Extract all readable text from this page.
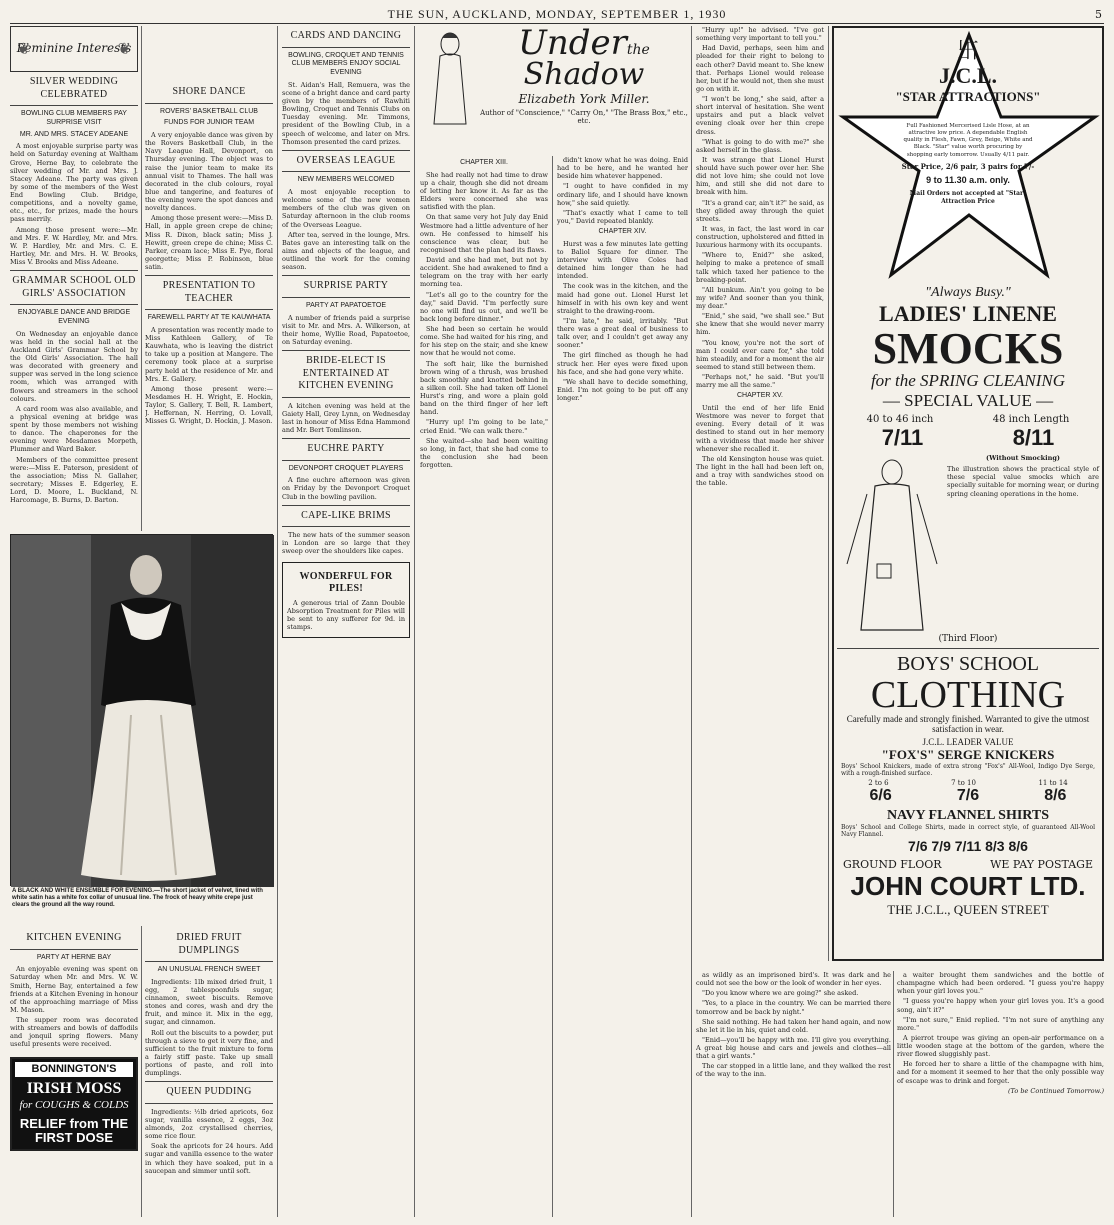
THE SUN, AUCKLAND, MONDAY, SEPTEMBER 1, 1930	5
❦ Feminine Interests
❦
SILVER WEDDING CELEBRATED
BOWLING CLUB MEMBERS PAY SURPRISE VISIT
MR. AND MRS. STACEY ADEANE

A most enjoyable surprise party was held on Saturday evening at Waltham Grove, Herne Bay, to celebrate the silver wedding of Mr. and Mrs. J. Stacey Adeane. The party was given by some of the members of the West End Bowling Club. Bridge, competitions, and a novelty game, etc., etc., for prizes, made the hours pass merrily.

Among those present were:—Mr. and Mrs. F. W. Hardley, Mr. and Mrs. W. P. Hardley, Mr. and Mrs. C. E. Hartley, Mr. and Mrs. H. W. Brooks, Miss V. Brooks and Miss Adeane.

GRAMMAR SCHOOL OLD GIRLS' ASSOCIATION
ENJOYABLE DANCE AND BRIDGE EVENING

On Wednesday an enjoyable dance was held in the social hall at the Auckland Girls' Grammar School by the Old Girls' Association. The hall was decorated with greenery and supper was served in the long science room, which was arranged with flowers and streamers in the school colours.

A card room was also available, and a physical evening at bridge was spent by those members not wishing to dance. The chaperones for the evening were Mesdames Morpeth, Plummer and Ward Baker.

Members of the committee present were:—Miss E. Paterson, president of the association; Miss N. Gallaher, secretary; Misses E. Edgerley, E. Lord, D. Moore, L. Buckland, N. Harcomage, B. Burns, D. Barton.

SHORE DANCE
ROVERS' BASKETBALL CLUB
FUNDS FOR JUNIOR TEAM

A very enjoyable dance was given by the Rovers Basketball Club, in the Navy League Hall, Devonport, on Thursday evening. The object was to raise the junior team to make its annual visit to Thames. The hall was decorated in the club colours, royal blue and tangerine, and features of the evening were the spot dances and novelty dances.

Among those present were:—Miss D. Hall, in apple green crepe de chine; Miss R. Dixon, black satin; Miss J. Hewitt, green crepe de chine; Miss C. Parker, cream lace; Miss E. Pye, floral georgette; Miss P. Robinson, blue satin.

PRESENTATION TO TEACHER
FAREWELL PARTY AT TE KAUWHATA

A presentation was recently made to Miss Kathleen Gallery, of Te Kauwhata, who is leaving the district to take up a position at Mangere. The ceremony took place at a surprise party held at the residence of Mr. and Mrs. E. Gallery.

Among those present were:—Mesdames H. H. Wright, E. Hockin, Taylor, S. Gallery, T. Bell, R. Lambert, J. Heffernan, N. Herring, O. Lovall, Misses G. Wright, D. Hockin, J. Mason.

A BLACK AND WHITE ENSEMBLE FOR EVENING.—The short jacket of velvet, lined with white satin has a white fox collar of unusual line. The frock of heavy white crepe just clears the ground all the way round.
KITCHEN EVENING
PARTY AT HERNE BAY

An enjoyable evening was spent on Saturday when Mr. and Mrs. W. W. Smith, Herne Bay, entertained a few friends at a Kitchen Evening in honour of the approaching marriage of Miss M. Mason.

The supper room was decorated with streamers and bowls of daffodils and jonquil spring flowers. Many useful presents were received.

BONNINGTON'S
IRISH MOSS
for COUGHS & COLDS
RELIEF from THE FIRST DOSE
DRIED FRUIT DUMPLINGS
AN UNUSUAL FRENCH SWEET

Ingredients: 1lb mixed dried fruit, 1 egg, 2 tablespoonfuls sugar, cinnamon, sweet biscuits. Remove stones and cores, wash and dry the fruit, and mince it. Mix in the egg, sugar, and cinnamon.

Roll out the biscuits to a powder, put through a sieve to get it very fine, and sufficient to the fruit mixture to form a fairly stiff paste. Take up small portions of paste, and roll into dumplings.

QUEEN PUDDING

Ingredients: ½lb dried apricots, 6oz sugar, vanilla essence, 2 eggs, 3oz almonds, 2oz crystallised cherries, some rice flour.

Soak the apricots for 24 hours. Add sugar and vanilla essence to the water in which they have soaked, put in a saucepan and simmer until soft.

CARDS AND DANCING
BOWLING, CROQUET AND TENNIS CLUB MEMBERS ENJOY SOCIAL EVENING

St. Aidan's Hall, Remuera, was the scene of a bright dance and card party given by the members of Rawhiti Bowling, Croquet and Tennis Clubs on Tuesday evening. Mr. Timmons, president of the Bowling Club, in a speech of welcome, and later on Mrs. Thomson presented the card prizes.

OVERSEAS LEAGUE
NEW MEMBERS WELCOMED

A most enjoyable reception to welcome some of the new women members of the club was given on Saturday afternoon in the club rooms of the Overseas League.

After tea, served in the lounge, Mrs. Bates gave an interesting talk on the aims and objects of the league, and outlined the work for the coming season.

SURPRISE PARTY
PARTY AT PAPATOETOE

A number of friends paid a surprise visit to Mr. and Mrs. A. Wilkerson, at their home, Wyllie Road, Papatoetoe, on Saturday evening.

BRIDE-ELECT IS ENTERTAINED AT KITCHEN EVENING

A kitchen evening was held at the Gaiety Hall, Grey Lynn, on Wednesday last in honour of Miss Edna Hammond and Mr. Bert Tomlinson.

EUCHRE PARTY
DEVONPORT CROQUET PLAYERS

A fine euchre afternoon was given on Friday by the Devonport Croquet Club in the bowling pavilion.

CAPE-LIKE BRIMS

The new hats of the summer season in London are so large that they sweep over the shoulders like capes.

WONDERFUL FOR PILES!

A generous trial of Zann Double Absorption Treatment for Piles will be sent to any sufferer for 9d. in stamps.

Underthe
Shadow
Elizabeth York Miller.
Author of "Conscience," "Carry On," "The Brass Box," etc., etc.
CHAPTER XIII.

She had really not had time to draw up a chair, though she did not dream of letting her know it. As far as the Elders were concerned she was satisfied with the plan.

On that same very hot July day Enid Westmore had a little adventure of her own. He confessed to himself his conscience was clear, but he recognised that the plan had its flaws.

David and she had met, but not by accident. She had awakened to find a telegram on the tray with her early morning tea.

"Let's all go to the country for the day," said David. "I'm perfectly sure no one will find us out, and we'll be back long before dinner."

She had been so certain he would come. She had waited for his ring, and for his step on the stair, and she knew now that he would not come.

The soft hair, like the burnished brown wing of a thrush, was brushed back smoothly and knotted behind in a silken coil. She had taken off Lionel Hurst's ring, and wore a plain gold band on the third finger of her left hand.

"Hurry up! I'm going to be late," cried Enid. "We can walk there."

She waited—she had been waiting so long, in fact, that she had come to the conclusion she had been forgotten.

didn't know what he was doing. Enid had to be here, and he wanted her beside him whatever happened.

"I ought to have confided in my ordinary life, and I should have known how," she said quietly.

"That's exactly what I came to tell you," David repeated blankly.

CHAPTER XIV.

Hurst was a few minutes late getting to Baliol Square for dinner. The interview with Olive Coles had detained him longer than he had intended.

The cook was in the kitchen, and the maid had gone out. Lionel Hurst let himself in with his own key and went straight to the drawing-room.

"I'm late," he said, irritably. "But there was a great deal of business to talk over, and I couldn't get away any sooner."

The girl flinched as though he had struck her. Her eyes were fixed upon his face, and she had gone very white.

"We shall have to decide something, Enid. I'm not going to be put off any longer."

"Hurry up!" he advised. "I've got something very important to tell you."

Had David, perhaps, seen him and pleaded for their right to belong to each other? David meant to. She knew that. Perhaps Lionel would release her, but if he would not, then she must go on with it.

"I won't be long," she said, after a short interval of hesitation. She went upstairs and put a black velvet evening cloak over her thin crepe dress.

"What is going to do with me?" she asked herself in the glass.

It was strange that Lionel Hurst should have such power over her. She did not love him; she could not love him, and still she did not dare to break with him.

"It's a grand car, ain't it?" he said, as they glided away through the quiet streets.

It was, in fact, the last word in car construction, upholstered and fitted in luxurious harmony with its occupants.

"Where to, Enid?" she asked, helping to make a pretence of small talk which taxed her patience to the breaking-point.

"All bunkum. Ain't you going to be my wife? And sooner than you think, my dear."

"Enid," she said, "we shall see." But she knew that she would never marry him.

"You know, you're not the sort of man I could ever care for," she told him steadily, and for a moment the air seemed to stand still between them.

"Perhaps not," he said. "But you'll marry me all the same."

CHAPTER XV.

Until the end of her life Enid Westmore was never to forget that evening. Every detail of it was destined to stand out in her memory with a vividness that made her shiver whenever she recalled it.

The old Kensington house was quiet. The light in the hall had been left on, and a tray with sandwiches stood on the table.

as wildly as an imprisoned bird's. It was dark and he could not see the bow or the look of wonder in her eyes.

"Do you know where we are going?" she asked.

"Yes, to a place in the country. We can be married there tomorrow and be back by night."

She said nothing. He had taken her hand again, and now she let it lie in his, quiet and cold.

"Enid—you'll be happy with me. I'll give you everything. A great big house and cars and jewels and clothes—all that a girl wants."

The car stopped in a little lane, and they walked the rest of the way to the inn.

a waiter brought them sandwiches and the bottle of champagne which had been ordered. "I guess you're happy when your girl loves you."

"I guess you're happy when your girl loves you. It's a good song, ain't it?"

"I'm not sure," Enid replied. "I'm not sure of anything any more."

A pierrot troupe was giving an open-air performance on a little wooden stage at the bottom of the garden, where the river flowed sluggishly past.

He forced her to share a little of the champagne with him, and for a moment it seemed to her that the only possible way of escape was to drink and forget.

(To be Continued Tomorrow.)

卐
J.C.L.
"STAR ATTRACTIONS"
Full Fashioned Mercerised Lisle Hose, at an attractive low price. A dependable English quality in Flesh, Fawn, Grey, Beige, White and Black. "Star" value worth procuring by shopping early tomorrow. Usually 4/11 pair.
Star Price, 2/6 pair, 3 pairs for 7/-
9 to 11.30 a.m. only.
Mail Orders not accepted at "Star" Attraction Price
"Always Busy."
LADIES' LINENE
SMOCKS
for the SPRING CLEANING
— SPECIAL VALUE —
40 to 46 inch	48 inch Length
7/11	8/11
(Without Smocking)

The illustration shows the practical style of these special value smocks which are specially suitable for morning wear, or during spring cleaning operations in the home.

(Third Floor)
BOYS' SCHOOL
CLOTHING
Carefully made and strongly finished. Warranted to give the utmost satisfaction in wear.
J.C.L. LEADER VALUE
"FOX'S" SERGE KNICKERS

Boys' School Knickers, made of extra strong "Fox's" All-Wool, Indigo Dye Serge, with a rough-finished surface.

2 to 6	7 to 10	11 to 14
6/6	7/6	8/6
NAVY FLANNEL SHIRTS

Boys' School and College Shirts, made in correct style, of guaranteed All-Wool Navy Flannel.

7/6 7/9 7/11 8/3 8/6
GROUND FLOOR	WE PAY POSTAGE
JOHN COURT LTD.
THE J.C.L., QUEEN STREET
